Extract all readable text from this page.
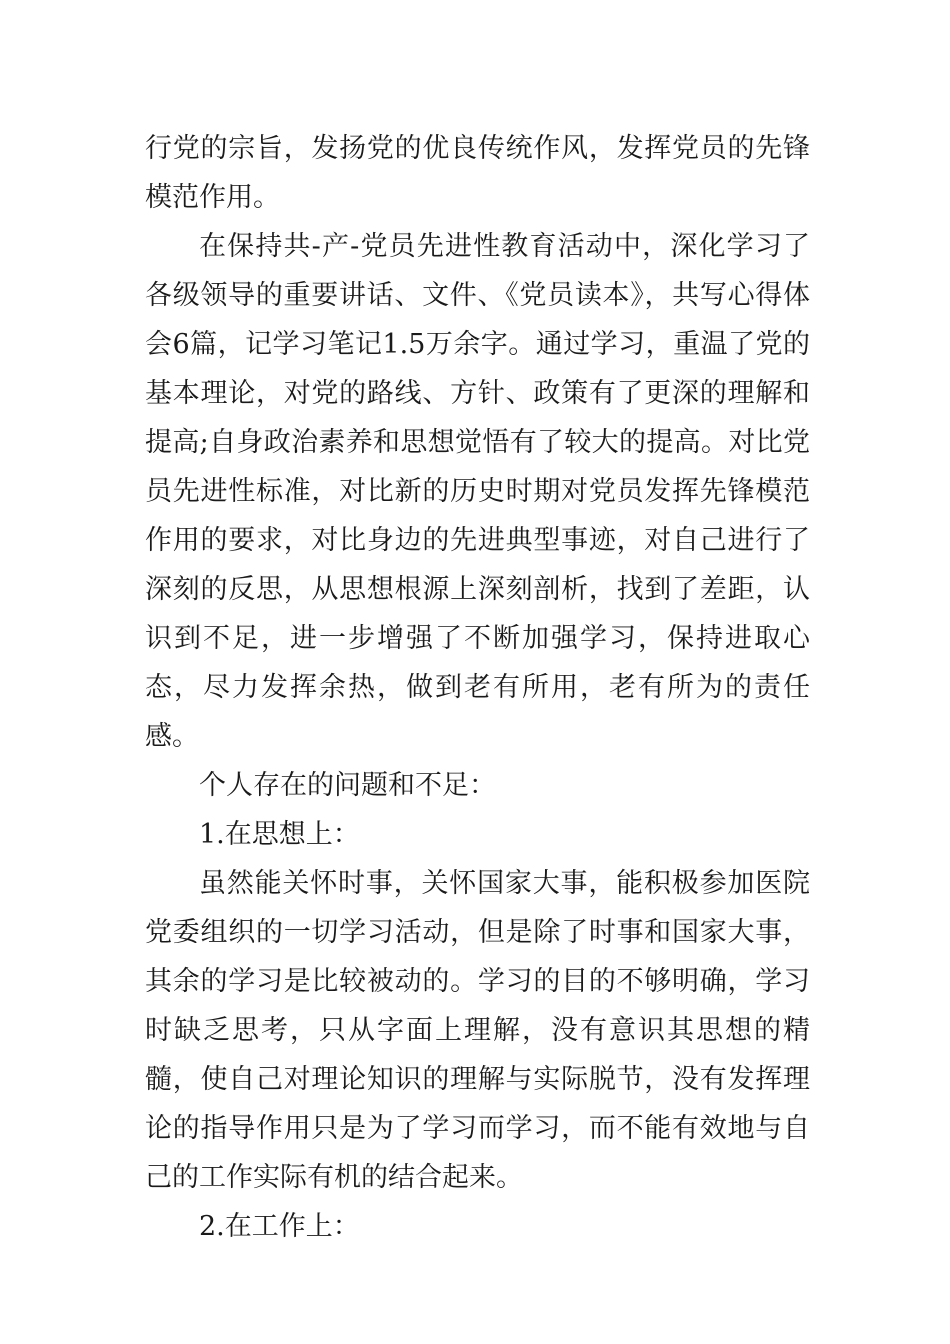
行党的宗旨，发扬党的优良传统作风，发挥党员的先锋模范作用。

在保持共-产-党员先进性教育活动中，深化学习了各级领导的重要讲话、文件、《党员读本》，共写心得体会6篇，记学习笔记1.5万余字。通过学习，重温了党的基本理论，对党的路线、方针、政策有了更深的理解和提高;自身政治素养和思想觉悟有了较大的提高。对比党员先进性标准，对比新的历史时期对党员发挥先锋模范作用的要求，对比身边的先进典型事迹，对自己进行了深刻的反思，从思想根源上深刻剖析，找到了差距，认识到不足，进一步增强了不断加强学习，保持进取心态，尽力发挥余热，做到老有所用，老有所为的责任感。

个人存在的问题和不足：

1.在思想上：

虽然能关怀时事，关怀国家大事，能积极参加医院党委组织的一切学习活动，但是除了时事和国家大事，其余的学习是比较被动的。学习的目的不够明确，学习时缺乏思考，只从字面上理解，没有意识其思想的精髓，使自己对理论知识的理解与实际脱节，没有发挥理论的指导作用只是为了学习而学习，而不能有效地与自己的工作实际有机的结合起来。

2.在工作上：
